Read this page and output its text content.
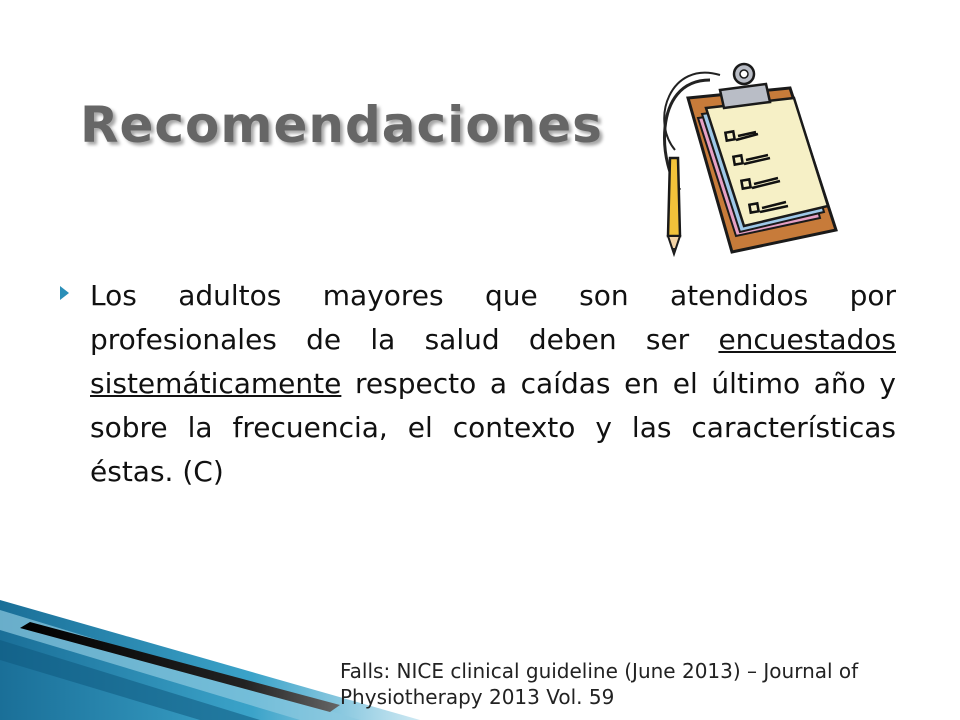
Recomendaciones
Los adultos mayores que son atendidos por profesionales de la salud deben ser encuestados sistemáticamente respecto a caídas en el último año y sobre la frecuencia, el contexto y las características éstas. (C)
Falls: NICE clinical guideline (June 2013) – Journal of
Physiotherapy 2013 Vol. 59
